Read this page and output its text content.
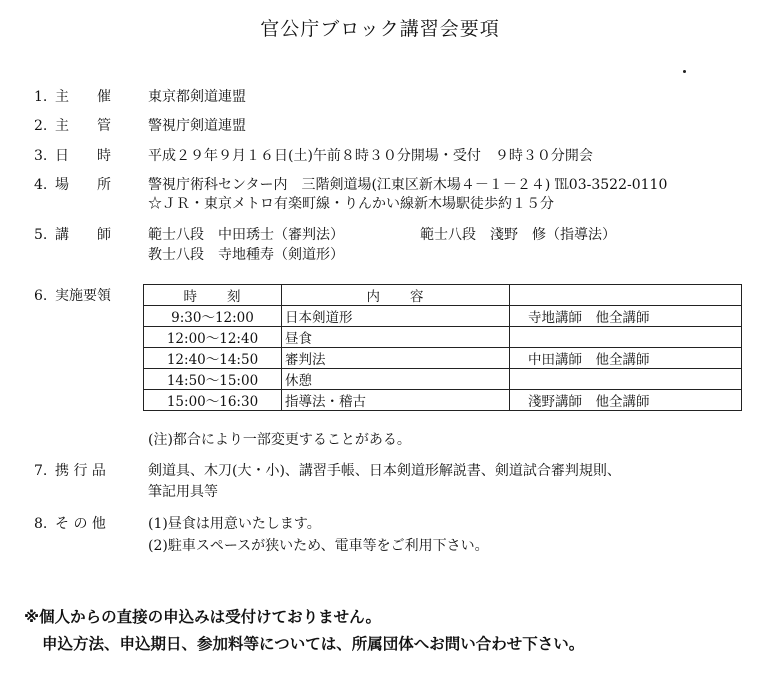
官公庁ブロック講習会要項
1. 主　　催	東京都剣道連盟
2. 主　　管	警視庁剣道連盟
3. 日　　時	平成２９年９月１６日(土)午前８時３０分開場・受付　９時３０分開会
4. 場　　所	警視庁術科センター内　三階剣道場(江東区新木場４－１－２４) ℡03-3522-0110
☆ＪＲ・東京メトロ有楽町線・りんかい線新木場駅徒歩約１５分
5. 講　　師	範士八段　中田琇士（審判法）	範士八段　淺野　修（指導法）
教士八段　寺地種寿（剣道形）
6. 実施要領	時　　刻	内　　容	
9:30～12:00	日本剣道形	寺地講師　他全講師
12:00～12:40	昼食	
12:40～14:50	審判法	中田講師　他全講師
14:50～15:00	休憩	
15:00～16:30	指導法・稽古	淺野講師　他全講師
(注)都合により一部変更することがある。
7. 携 行 品	剣道具、木刀(大・小)、講習手帳、日本剣道形解説書、剣道試合審判規則、
筆記用具等
8. そ の 他	(1)昼食は用意いたします。
(2)駐車スペースが狭いため、電車等をご利用下さい。
※個人からの直接の申込みは受付けておりません。
申込方法、申込期日、参加料等については、所属団体へお問い合わせ下さい。
